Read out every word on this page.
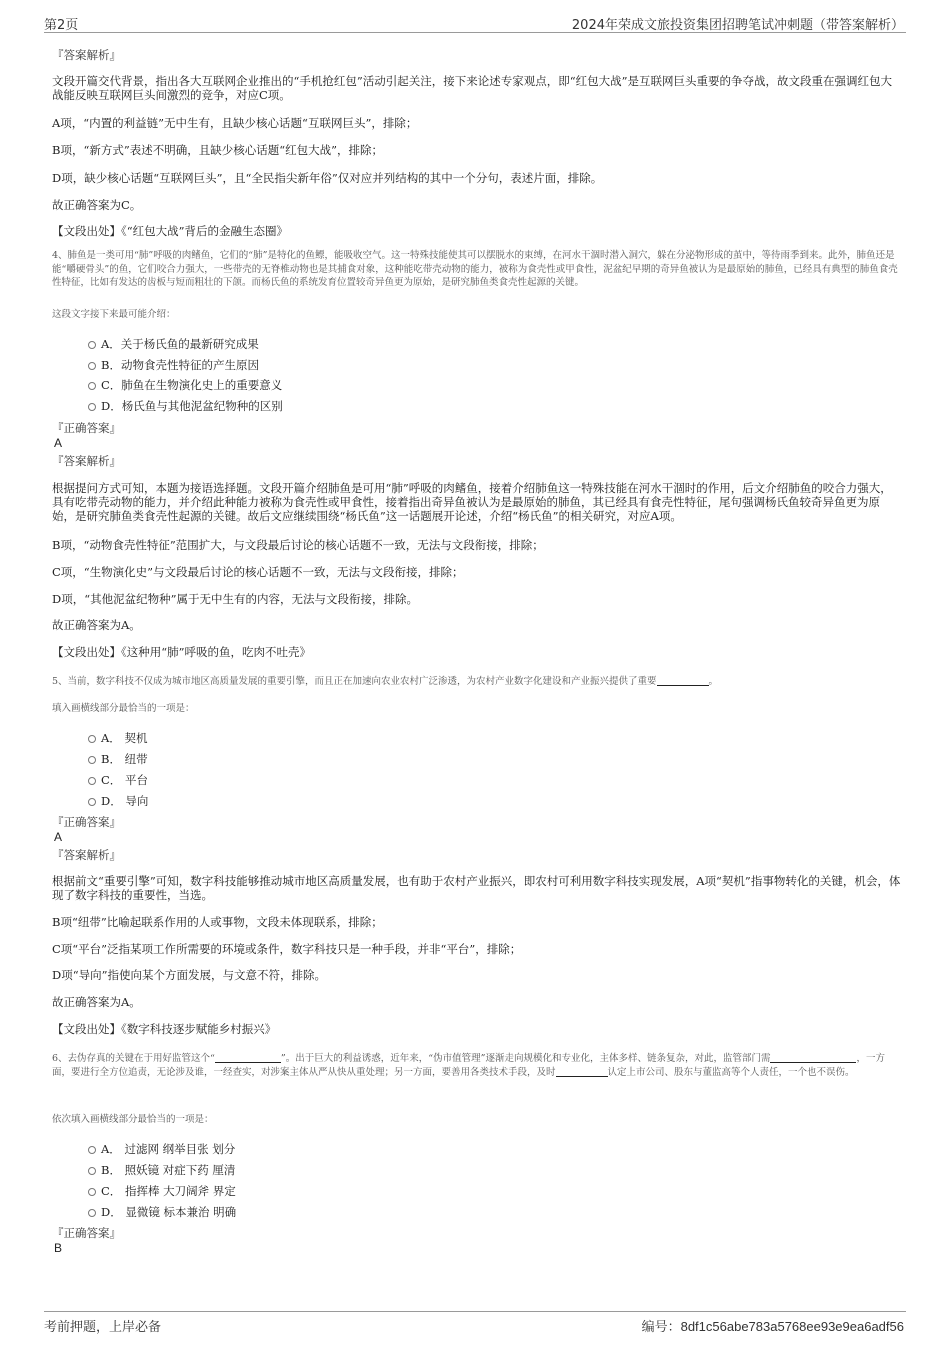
第2页	2024年荣成文旅投资集团招聘笔试冲刺题（带答案解析）
『答案解析』
文段开篇交代背景，指出各大互联网企业推出的“手机抢红包”活动引起关注，接下来论述专家观点，即“红包大战”是互联网巨头重要的争夺战，故文段重在强调红包大战能反映互联网巨头间激烈的竞争，对应C项。
A项，“内置的利益链”无中生有，且缺少核心话题“互联网巨头”，排除；
B项，“新方式”表述不明确，且缺少核心话题“红包大战”，排除；
D项，缺少核心话题“互联网巨头”，且“全民指尖新年俗”仅对应并列结构的其中一个分句，表述片面，排除。
故正确答案为C。
【文段出处】《“红包大战”背后的金融生态圈》
4、肺鱼是一类可用“肺”呼吸的肉鳍鱼，它们的“肺”是特化的鱼鳔，能吸收空气。这一特殊技能使其可以摆脱水的束缚，在河水干涸时潜入洞穴，躲在分泌物形成的茧中，等待雨季到来。此外，肺鱼还是能“嚼硬骨头”的鱼，它们咬合力强大，一些带壳的无脊椎动物也是其捕食对象，这种能吃带壳动物的能力，被称为食壳性或甲食性，泥盆纪早期的奇异鱼被认为是最原始的肺鱼，已经具有典型的肺鱼食壳性特征，比如有发达的齿板与短而粗壮的下颌。而杨氏鱼的系统发育位置较奇异鱼更为原始，是研究肺鱼类食壳性起源的关键。
这段文字接下来最可能介绍：
A．关于杨氏鱼的最新研究成果
B．动物食壳性特征的产生原因
C．肺鱼在生物演化史上的重要意义
D．杨氏鱼与其他泥盆纪物种的区别
『正确答案』
A
『答案解析』
根据提问方式可知，本题为接语选择题。文段开篇介绍肺鱼是可用“肺”呼吸的肉鳍鱼，接着介绍肺鱼这一特殊技能在河水干涸时的作用，后文介绍肺鱼的咬合力强大，具有吃带壳动物的能力，并介绍此种能力被称为食壳性或甲食性，接着指出奇异鱼被认为是最原始的肺鱼，其已经具有食壳性特征，尾句强调杨氏鱼较奇异鱼更为原始，是研究肺鱼类食壳性起源的关键。故后文应继续围绕“杨氏鱼”这一话题展开论述，介绍“杨氏鱼”的相关研究，对应A项。
B项，“动物食壳性特征”范围扩大，与文段最后讨论的核心话题不一致，无法与文段衔接，排除；
C项，“生物演化史”与文段最后讨论的核心话题不一致，无法与文段衔接，排除；
D项，“其他泥盆纪物种”属于无中生有的内容，无法与文段衔接，排除。
故正确答案为A。
【文段出处】《这种用“肺”呼吸的鱼，吃肉不吐壳》
5、当前，数字科技不仅成为城市地区高质量发展的重要引擎，而且正在加速向农业农村广泛渗透，为农村产业数字化建设和产业振兴提供了重要	。
填入画横线部分最恰当的一项是：
A． 契机
B． 纽带
C． 平台
D． 导向
『正确答案』
A
『答案解析』
根据前文“重要引擎”可知，数字科技能够推动城市地区高质量发展，也有助于农村产业振兴，即农村可利用数字科技实现发展，A项“契机”指事物转化的关键，机会，体现了数字科技的重要性，当选。
B项“纽带”比喻起联系作用的人或事物，文段未体现联系，排除；
C项“平台”泛指某项工作所需要的环境或条件，数字科技只是一种手段，并非“平台”，排除；
D项“导向”指使向某个方面发展，与文意不符，排除。
故正确答案为A。
【文段出处】《数字科技逐步赋能乡村振兴》
6、去伪存真的关键在于用好监管这个“	”。出于巨大的利益诱惑，近年来，“伪市值管理”逐渐走向规模化和专业化，主体多样、链条复杂，对此，监管部门需	，一方面，要进行全方位追责，无论涉及谁，一经查实，对涉案主体从严从快从重处理；另一方面，要善用各类技术手段，及时	认定上市公司、股东与董监高等个人责任，一个也不误伤。
依次填入画横线部分最恰当的一项是：
A． 过滤网 纲举目张 划分
B． 照妖镜 对症下药 厘清
C． 指挥棒 大刀阔斧 界定
D． 显微镜 标本兼治 明确
『正确答案』
B
考前押题，上岸必备	编号：8df1c56abe783a5768ee93e9ea6adf56
